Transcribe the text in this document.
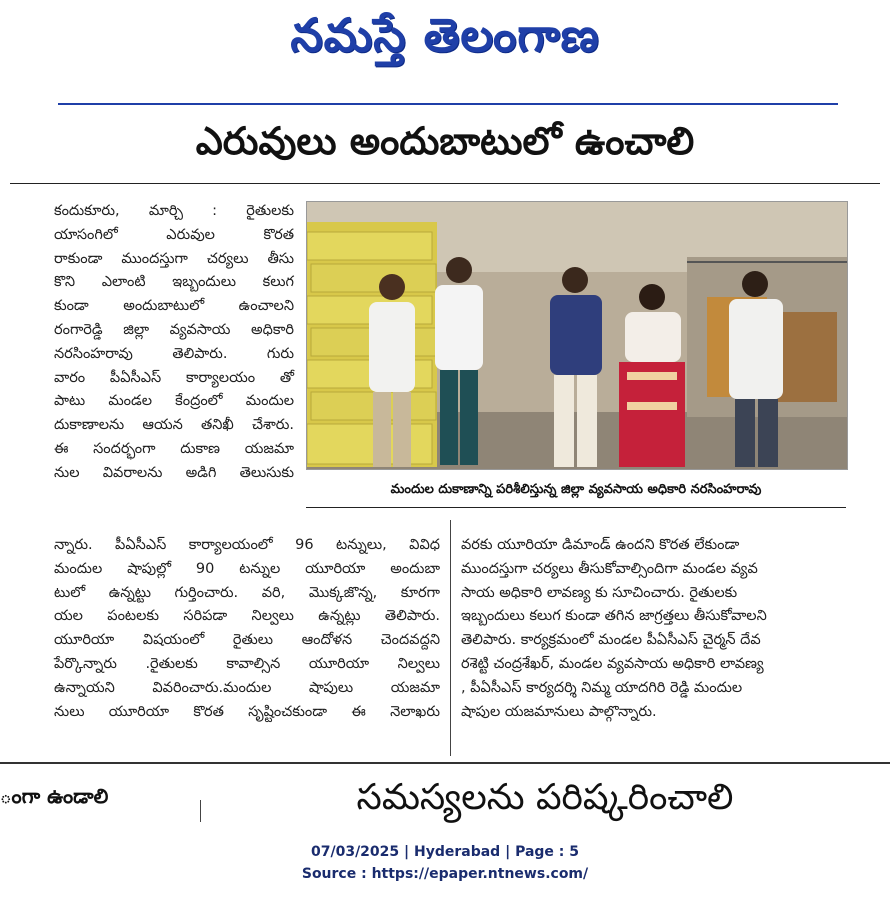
నమస్తే తెలంగాణ
ఎరువులు అందుబాటులో ఉంచాలి
కందుకూరు, మార్చి : రైతులకు
యాసంగిలో ఎరువుల కొరత
రాకుండా ముందస్తుగా చర్యలు తీసు
కొని ఎలాంటి ఇబ్బందులు కలుగ
కుండా అందుబాటులో ఉంచాలని
రంగారెడ్డి జిల్లా వ్యవసాయ అధికారి
నరసింహరావు తెలిపారు. గురు
వారం పీఏసీఎస్ కార్యాలయం తో
పాటు మండల కేంద్రంలో మందుల
దుకాణాలను ఆయన తనిఖీ చేశారు.
ఈ సందర్భంగా దుకాణ యజమా
నుల వివరాలను అడిగి తెలుసుకు
మందుల దుకాణాన్ని పరిశీలిస్తున్న జిల్లా వ్యవసాయ అధికారి నరసింహరావు
న్నారు. పీఏసీఎస్ కార్యాలయంలో 96 టన్నులు, వివిధ
మందుల షాపుల్లో 90 టన్నుల యూరియా అందుబా
టులో ఉన్నట్టు గుర్తించారు. వరి, మొక్కజొన్న, కూరగా
యల పంటలకు సరిపడా నిల్వలు ఉన్నట్లు తెలిపారు.
యూరియా విషయంలో రైతులు ఆందోళన చెందవద్దని
పేర్కొన్నారు .రైతులకు కావాల్సిన యూరియా నిల్వలు
ఉన్నాయని వివరించారు.మందుల షాపులు యజమా
నులు యూరియా కొరత సృష్టించకుండా ఈ నెలాఖరు
వరకు యూరియా డిమాండ్ ఉందని కొరత లేకుండా
ముందస్తుగా చర్యలు తీసుకోవాల్సిందిగా మండల వ్యవ
సాయ అధికారి లావణ్య కు సూచించారు. రైతులకు
ఇబ్బందులు కలుగ కుండా తగిన జాగ్రత్తలు తీసుకోవాలని
తెలిపారు. కార్యక్రమంలో మండల పీఏసీఎస్ చైర్మన్ దేవ
రశెట్టి చంద్రశేఖర్, మండల వ్యవసాయ అధికారి లావణ్య
, పీఏసీఎస్ కార్యదర్శి నిమ్మ యాదగిరి రెడ్డి మందుల
షాపుల యజమానులు పాల్గొన్నారు.
ంగా ఉండాలి	సమస్యలను పరిష్కరించాలి
07/03/2025 | Hyderabad | Page : 5
Source : https://epaper.ntnews.com/
